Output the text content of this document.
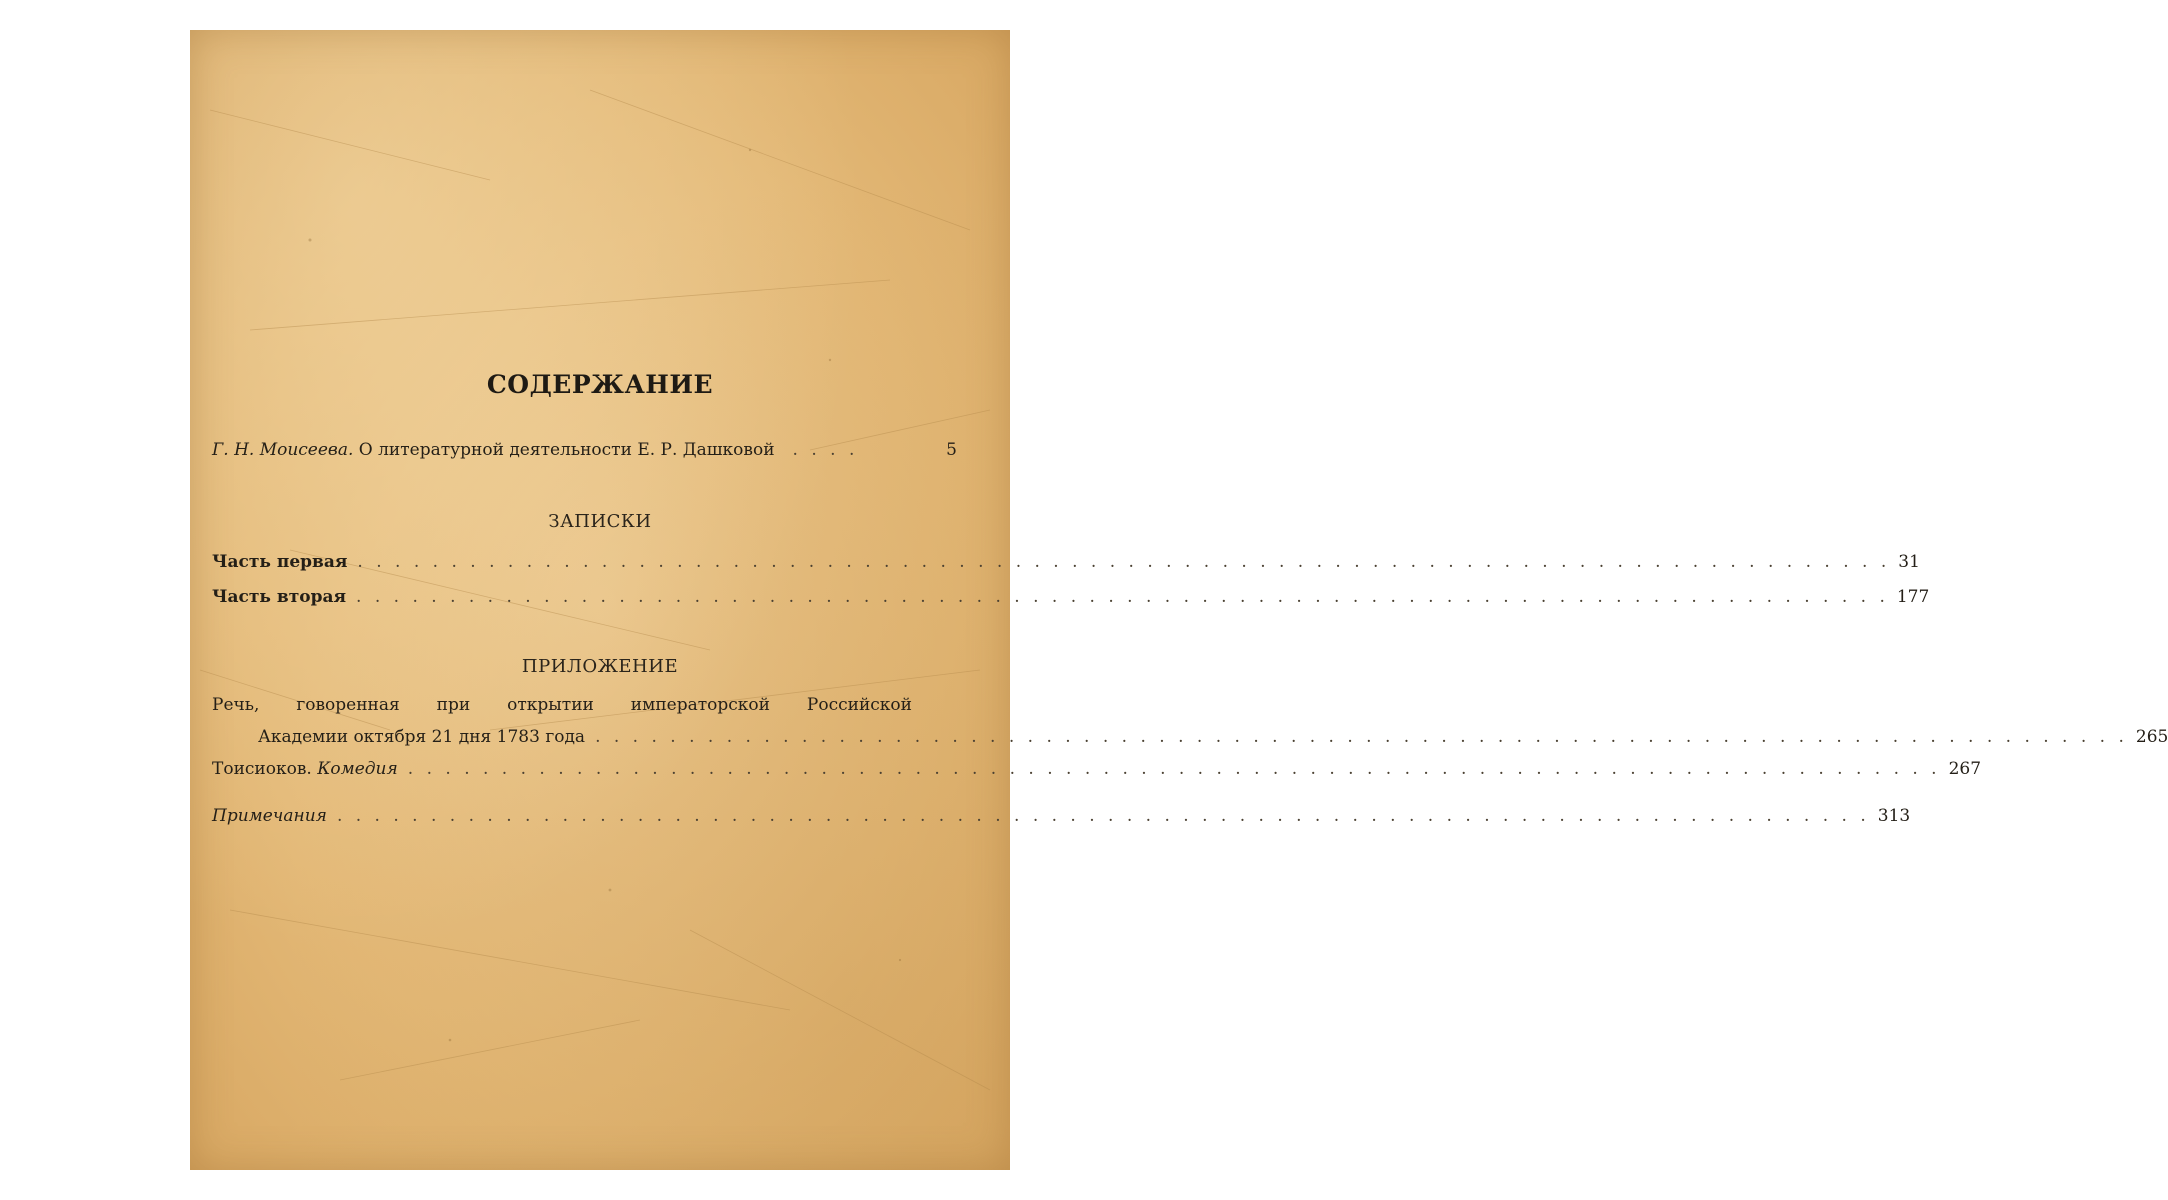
СОДЕРЖАНИЕ
Г. Н. Моисеева. О литературной деятельности Е. Р. Дашковой . . . .	5
ЗАПИСКИ
Часть первая . . . . . . . . . . . . . . . . . . . . . . . . . . . . . . . . . . . . . . . . . . . . . . . . . . . . . . . . . . . . . . . . . . . . . . . . . . . . . . . . . . 31
Часть вторая . . . . . . . . . . . . . . . . . . . . . . . . . . . . . . . . . . . . . . . . . . . . . . . . . . . . . . . . . . . . . . . . . . . . . . . . . . . . . . . . . . 177
ПРИЛОЖЕНИЕ
Речь, говоренная при открытии императорской Российской
Академии октября 21 дня 1783 года . . . . . . . . . . . . . . . . . . . . . . . . . . . . . . . . . . . . . . . . . . . . . . . . . . . . . . . . . . . . . . . . . . . . . . . . . . . . . . . . . . 265
Тоисиоков. Комедия . . . . . . . . . . . . . . . . . . . . . . . . . . . . . . . . . . . . . . . . . . . . . . . . . . . . . . . . . . . . . . . . . . . . . . . . . . . . . . . . . . 267
Примечания . . . . . . . . . . . . . . . . . . . . . . . . . . . . . . . . . . . . . . . . . . . . . . . . . . . . . . . . . . . . . . . . . . . . . . . . . . . . . . . . . . 313
